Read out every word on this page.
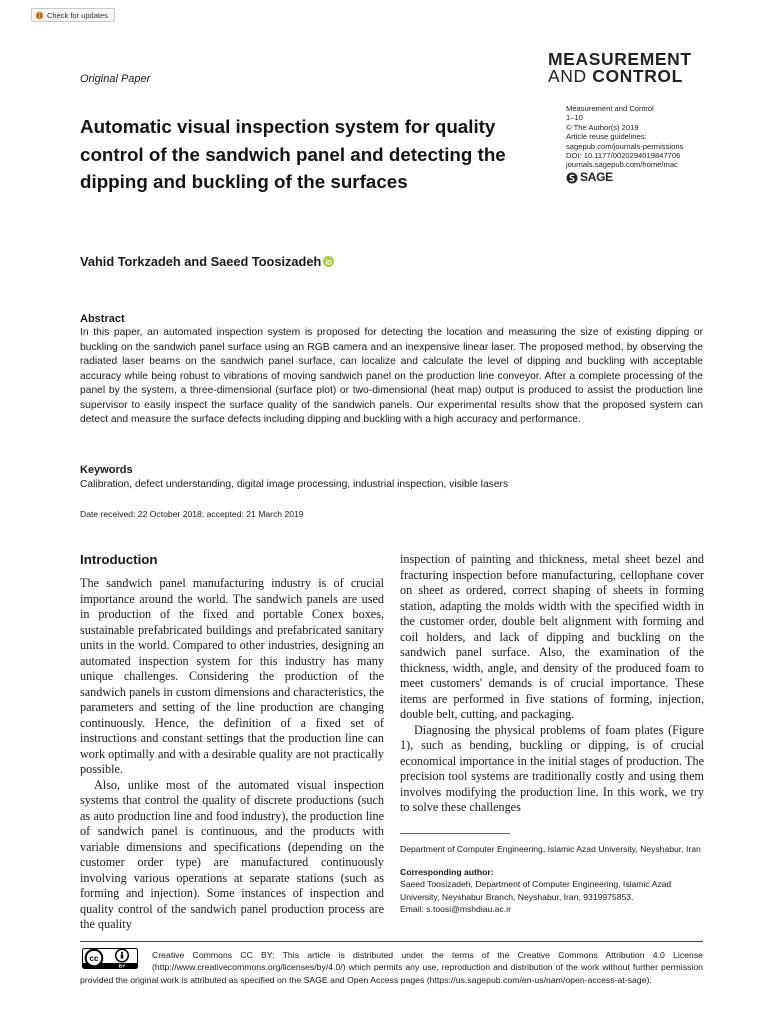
Check for updates
MEASUREMENT
AND CONTROL
Original Paper
Measurement and Control
1–10
© The Author(s) 2019
Article reuse guidelines:
sagepub.com/journals-permissions
DOI: 10.1177/0020294019847706
journals.sagepub.com/home/mac
SAGE
Automatic visual inspection system for quality control of the sandwich panel and detecting the dipping and buckling of the surfaces
Vahid Torkzadeh and Saeed Toosizadeh
Abstract
In this paper, an automated inspection system is proposed for detecting the location and measuring the size of existing dipping or buckling on the sandwich panel surface using an RGB camera and an inexpensive linear laser. The proposed method, by observing the radiated laser beams on the sandwich panel surface, can localize and calculate the level of dipping and buckling with acceptable accuracy while being robust to vibrations of moving sandwich panel on the production line conveyor. After a complete processing of the panel by the system, a three-dimensional (surface plot) or two-dimensional (heat map) output is produced to assist the production line supervisor to easily inspect the surface quality of the sandwich panels. Our experimental results show that the proposed system can detect and measure the surface defects including dipping and buckling with a high accuracy and performance.
Keywords
Calibration, defect understanding, digital image processing, industrial inspection, visible lasers
Date received: 22 October 2018; accepted: 21 March 2019
Introduction

The sandwich panel manufacturing industry is of crucial importance around the world. The sandwich panels are used in production of the fixed and portable Conex boxes, sustainable prefabricated buildings and prefabricated sanitary units in the world. Compared to other industries, designing an automated inspection system for this industry has many unique challenges. Considering the production of the sandwich panels in custom dimensions and characteristics, the parameters and setting of the line production are changing continuously. Hence, the definition of a fixed set of instructions and constant settings that the production line can work optimally and with a desirable quality are not practically possible.

Also, unlike most of the automated visual inspection systems that control the quality of discrete productions (such as auto production line and food industry), the production line of sandwich panel is continuous, and the products with variable dimensions and specifications (depending on the customer order type) are manufactured continuously involving various operations at separate stations (such as forming and injection). Some instances of inspection and quality control of the sandwich panel production process are the quality

inspection of painting and thickness, metal sheet bezel and fracturing inspection before manufacturing, cellophane cover on sheet as ordered, correct shaping of sheets in forming station, adapting the molds width with the specified width in the customer order, double belt alignment with forming and coil holders, and lack of dipping and buckling on the sandwich panel surface. Also, the examination of the thickness, width, angle, and density of the produced foam to meet customers' demands is of crucial importance. These items are performed in five stations of forming, injection, double belt, cutting, and packaging.

Diagnosing the physical problems of foam plates (Figure 1), such as bending, buckling or dipping, is of crucial economical importance in the initial stages of production. The precision tool systems are traditionally costly and using them involves modifying the production line. In this work, we try to solve these challenges

Department of Computer Engineering, Islamic Azad University, Neyshabur, Iran
Corresponding author:
Saeed Toosizadeh, Department of Computer Engineering, Islamic Azad University, Neyshabur Branch, Neyshabur, Iran, 9319975853.
Email: s.toosi@mshdiau.ac.ir
cc
BY
Creative Commons CC BY: This article is distributed under the terms of the Creative Commons Attribution 4.0 License (http://www.creativecommons.org/licenses/by/4.0/) which permits any use, reproduction and distribution of the work without further permission provided the original work is attributed as specified on the SAGE and Open Access pages (https://us.sagepub.com/en-us/nam/open-access-at-sage).
